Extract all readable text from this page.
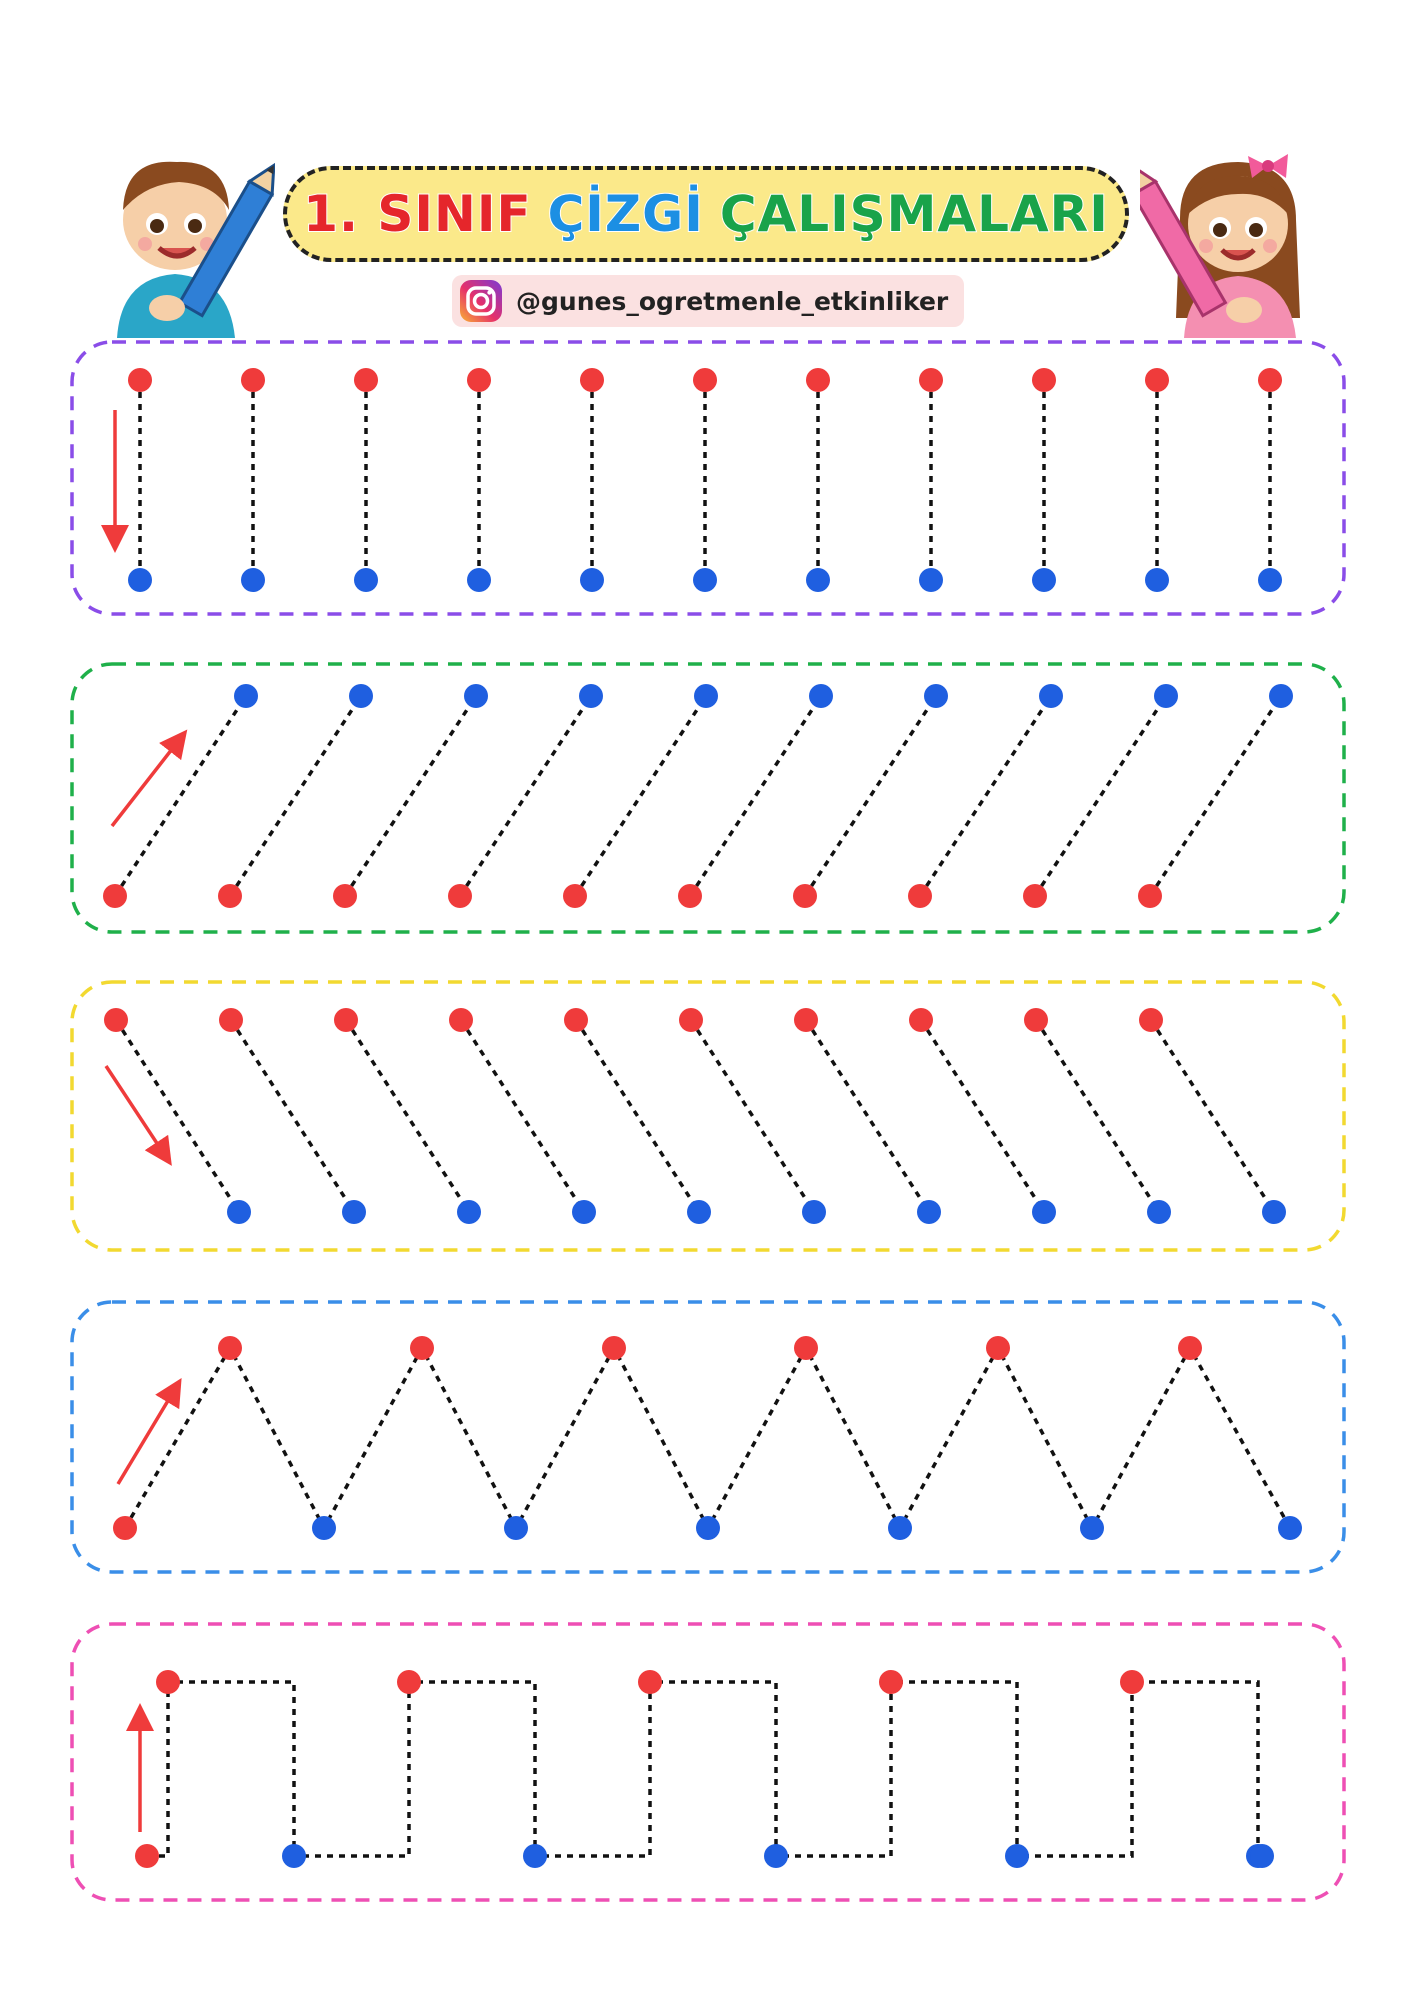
1. SINIF ÇİZGİ ÇALIŞMALARI
@gunes_ogretmenle_etkinliker
